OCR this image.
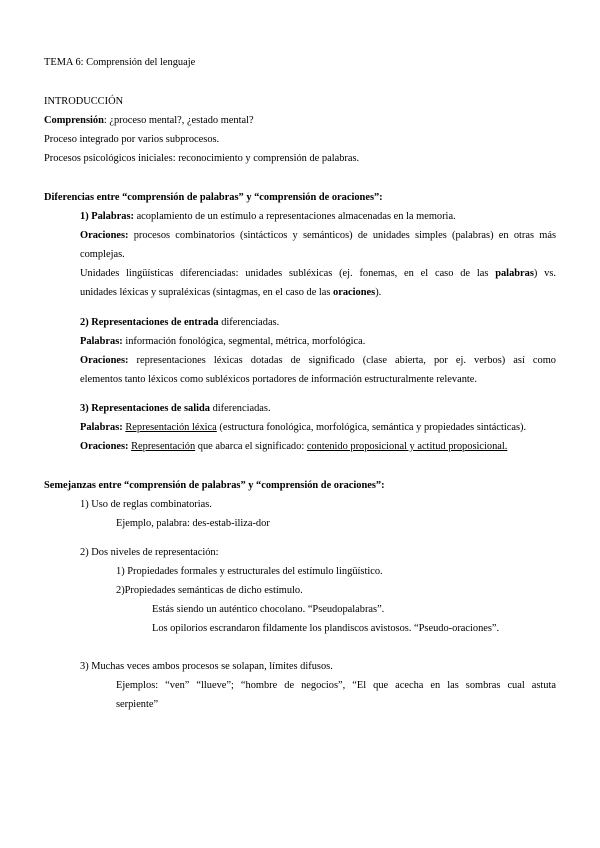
TEMA 6: Comprensión del lenguaje
INTRODUCCIÓN
Comprensión: ¿proceso mental?, ¿estado mental?
Proceso integrado por varios subprocesos.
Procesos psicológicos iniciales: reconocimiento y comprensión de palabras.
Diferencias entre “comprensión de palabras” y “comprensión de oraciones”:
1) Palabras: acoplamiento de un estímulo a representaciones almacenadas en la memoria.
Oraciones: procesos combinatorios (sintácticos y semánticos) de unidades simples (palabras) en otras más
complejas.
Unidades lingüísticas diferenciadas: unidades subléxicas (ej. fonemas, en el caso de las palabras) vs.
unidades léxicas y supraléxicas (sintagmas, en el caso de las oraciones).
2) Representaciones de entrada diferenciadas.
Palabras: información fonológica, segmental, métrica, morfológica.
Oraciones: representaciones léxicas dotadas de significado (clase abierta, por ej. verbos) así como
elementos tanto léxicos como subléxicos portadores de información estructuralmente relevante.
3) Representaciones de salida diferenciadas.
Palabras: Representación léxica (estructura fonológica, morfológica, semántica y propiedades sintácticas).
Oraciones: Representación que abarca el significado: contenido proposicional y actitud proposicional.
Semejanzas entre “comprensión de palabras” y “comprensión de oraciones”:
1) Uso de reglas combinatorias.
Ejemplo, palabra: des-estab-iliza-dor
2) Dos niveles de representación:
1) Propiedades formales y estructurales del estímulo lingüístico.
2)Propiedades semánticas de dicho estímulo.
Estás siendo un auténtico chocolano. “Pseudopalabras”.
Los opilorios escrandaron fildamente los plandiscos avistosos. “Pseudo-oraciones”.
3) Muchas veces ambos procesos se solapan, límites difusos.
Ejemplos: “ven” “llueve”; “hombre de negocios”, “El que acecha en las sombras cual astuta
serpiente”
